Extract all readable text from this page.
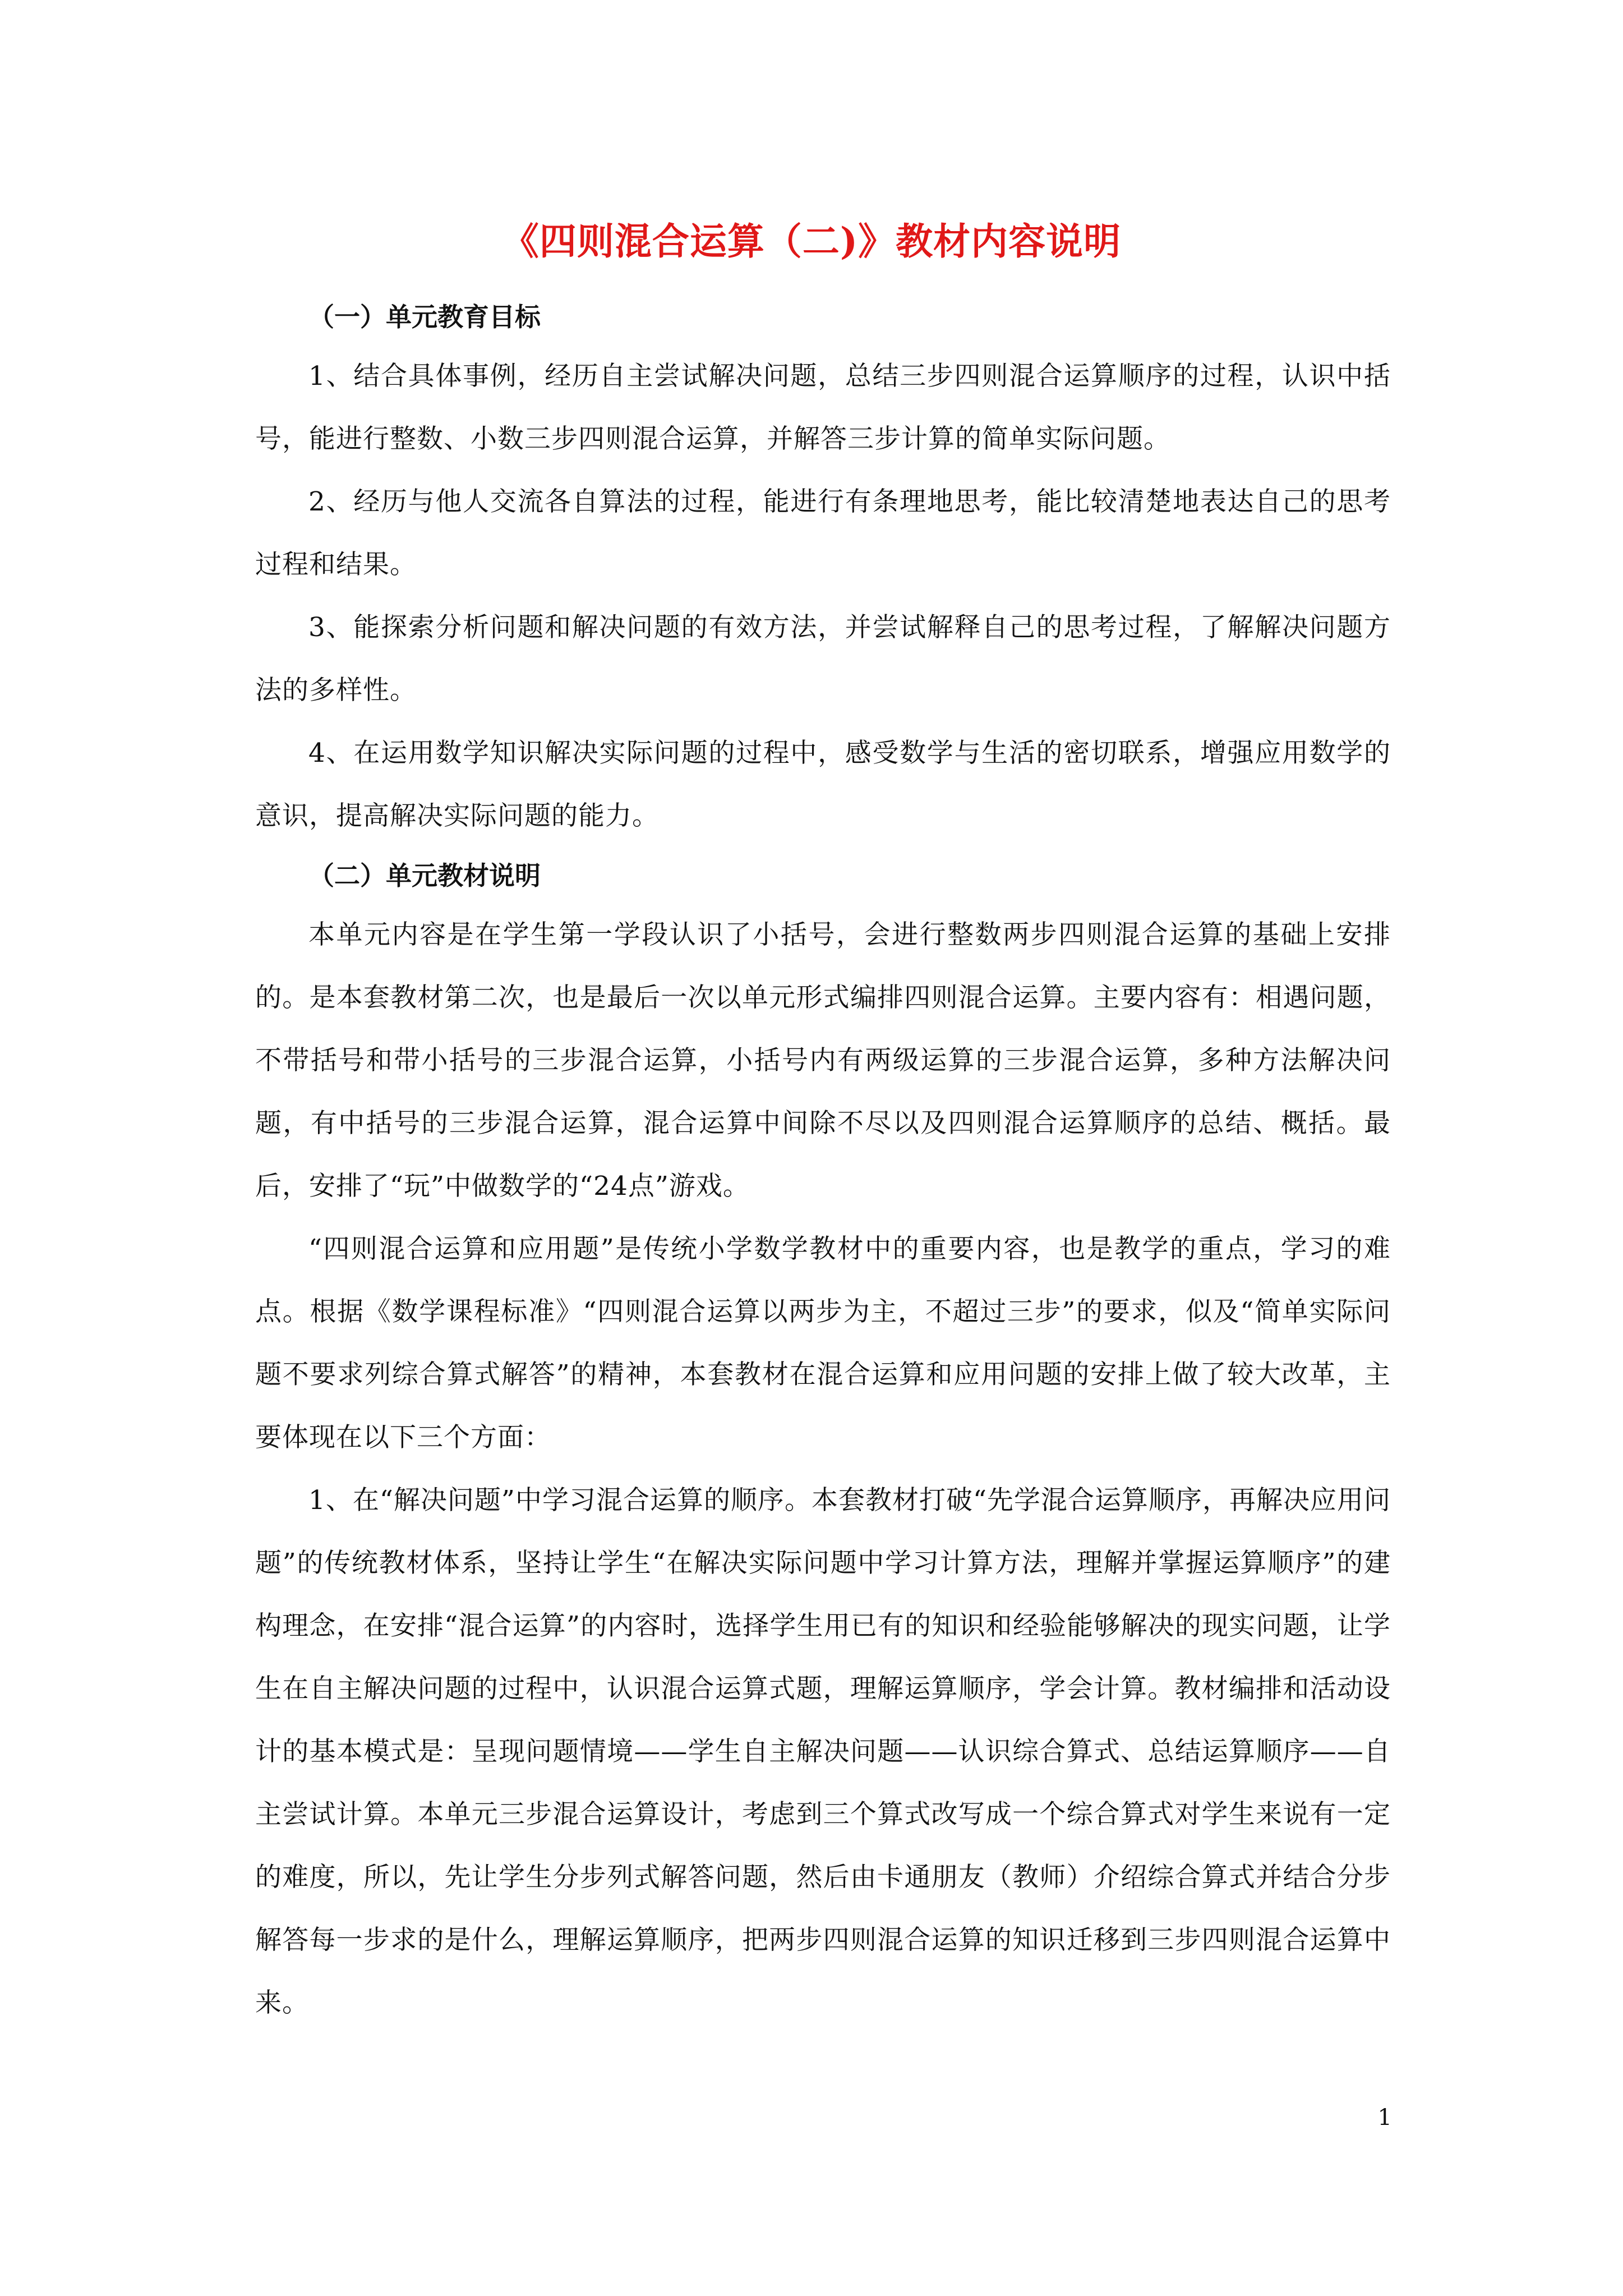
《四则混合运算（二)》教材内容说明

（一）单元教育目标

1、结合具体事例，经历自主尝试解决问题，总结三步四则混合运算顺序的过程，认识中括号，能进行整数、小数三步四则混合运算，并解答三步计算的简单实际问题。

2、经历与他人交流各自算法的过程，能进行有条理地思考，能比较清楚地表达自己的思考过程和结果。

3、能探索分析问题和解决问题的有效方法，并尝试解释自己的思考过程，了解解决问题方法的多样性。

4、在运用数学知识解决实际问题的过程中，感受数学与生活的密切联系，增强应用数学的意识，提高解决实际问题的能力。

（二）单元教材说明

本单元内容是在学生第一学段认识了小括号，会进行整数两步四则混合运算的基础上安排的。是本套教材第二次，也是最后一次以单元形式编排四则混合运算。主要内容有：相遇问题，不带括号和带小括号的三步混合运算，小括号内有两级运算的三步混合运算，多种方法解决问题，有中括号的三步混合运算，混合运算中间除不尽以及四则混合运算顺序的总结、概括。最后，安排了“玩”中做数学的“24点”游戏。

“四则混合运算和应用题”是传统小学数学教材中的重要内容，也是教学的重点，学习的难点。根据《数学课程标准》“四则混合运算以两步为主，不超过三步”的要求，似及“简单实际问题不要求列综合算式解答”的精神，本套教材在混合运算和应用问题的安排上做了较大改革，主要体现在以下三个方面：

1、在“解决问题”中学习混合运算的顺序。本套教材打破“先学混合运算顺序，再解决应用问题”的传统教材体系，坚持让学生“在解决实际问题中学习计算方法，理解并掌握运算顺序”的建构理念，在安排“混合运算”的内容时，选择学生用已有的知识和经验能够解决的现实问题，让学生在自主解决问题的过程中，认识混合运算式题，理解运算顺序，学会计算。教材编排和活动设计的基本模式是：呈现问题情境——学生自主解决问题——认识综合算式、总结运算顺序——自主尝试计算。本单元三步混合运算设计，考虑到三个算式改写成一个综合算式对学生来说有一定的难度，所以，先让学生分步列式解答问题，然后由卡通朋友（教师）介绍综合算式并结合分步解答每一步求的是什么，理解运算顺序，把两步四则混合运算的知识迁移到三步四则混合运算中来。

1
